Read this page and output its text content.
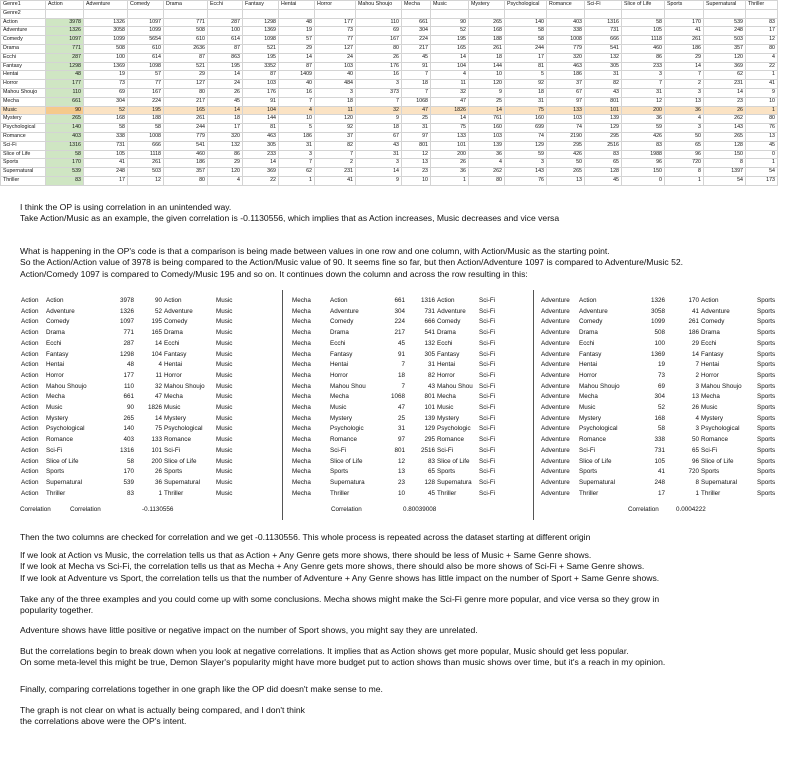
Genre1	Action	Adventure	Comedy	Drama	Ecchi	Fantasy	Hentai	Horror	Mahou Shoujo	Mecha	Music	Mystery	Psychological	Romance	Sci-Fi	Slice of Life	Sports	Supernatural	Thriller
Genre2																			
Action	3978	1326	1097	771	287	1298	48	177	110	661	90	265	140	403	1316	58	170	539	83
Adventure	1326	3058	1099	508	100	1369	19	73	69	304	52	168	58	338	731	105	41	248	17
Comedy	1097	1099	5654	610	614	1098	57	77	167	224	195	188	58	1008	666	1118	261	503	12
Drama	771	508	610	2636	87	521	29	127	80	217	165	261	244	779	541	460	186	357	80
Ecchi	287	100	614	87	863	195	14	24	26	45	14	18	17	320	132	86	29	120	4
Fantasy	1298	1369	1098	521	195	3352	87	103	176	91	104	144	81	463	305	233	14	369	22
Hentai	48	19	57	29	14	87	1409	40	16	7	4	10	5	186	31	3	7	62	1
Horror	177	73	77	127	24	103	40	484	3	18	11	120	92	37	82	7	2	231	41
Mahou Shoujo	110	69	167	80	26	176	16	3	373	7	32	9	18	67	43	31	3	14	9
Mecha	661	304	224	217	45	91	7	18	7	1068	47	25	31	97	801	12	13	23	10
Music	90	52	195	165	14	104	4	11	32	47	1826	14	75	133	101	200	36	26	1
Mystery	265	168	188	261	18	144	10	120	9	25	14	761	160	103	139	36	4	262	80
Psychological	140	58	58	244	17	81	5	92	18	31	75	160	699	74	129	59	3	143	76
Romance	403	338	1008	779	320	463	186	37	67	97	133	103	74	2190	295	426	50	265	13
Sci-Fi	1316	731	666	541	132	305	31	82	43	801	101	139	129	295	2516	83	65	128	45
Slice of Life	58	105	1118	460	86	233	3	7	31	12	200	36	59	426	83	1988	96	150	0
Sports	170	41	261	186	29	14	7	2	3	13	26	4	3	50	65	96	720	8	1
Supernatural	539	248	503	357	120	369	62	231	14	23	36	262	143	265	128	150	8	1397	54
Thriller	83	17	12	80	4	22	1	41	9	10	1	80	76	13	45	0	1	54	173

I think the OP is using correlation in an unintended way.
Take Action/Music as an example, the given correlation is -0.1130556, which implies that as Action increases, Music decreases and vice versa

What is happening in the OP's code is that a comparison is being made between values in one row and one column, with Action/Music as the starting point.
So the Action/Action value of 3978 is being compared to the Action/Music value of 90. It seems fine so far, but then Action/Adventure 1097 is compared to Adventure/Music 52.
Action/Comedy 1097 is compared to Comedy/Music 195 and so on. It continues down the column and across the row resulting in this:

Action	Action	3978	90	Action	Music
Action	Adventure	1326	52	Adventure	Music
Action	Comedy	1097	195	Comedy	Music
Action	Drama	771	165	Drama	Music
Action	Ecchi	287	14	Ecchi	Music
Action	Fantasy	1298	104	Fantasy	Music
Action	Hentai	48	4	Hentai	Music
Action	Horror	177	11	Horror	Music
Action	Mahou Shoujo	110	32	Mahou Shoujo	Music
Action	Mecha	661	47	Mecha	Music
Action	Music	90	1826	Music	Music
Action	Mystery	265	14	Mystery	Music
Action	Psychological	140	75	Psychological	Music
Action	Romance	403	133	Romance	Music
Action	Sci-Fi	1316	101	Sci-Fi	Music
Action	Slice of Life	58	200	Slice of Life	Music
Action	Sports	170	26	Sports	Music
Action	Supernatural	539	36	Supernatural	Music
Action	Thriller	83	1	Thriller	Music
Correlation	Correlation	-0.1130556
Mecha	Action	661	1316	Action	Sci-Fi
Mecha	Adventure	304	731	Adventure	Sci-Fi
Mecha	Comedy	224	666	Comedy	Sci-Fi
Mecha	Drama	217	541	Drama	Sci-Fi
Mecha	Ecchi	45	132	Ecchi	Sci-Fi
Mecha	Fantasy	91	305	Fantasy	Sci-Fi
Mecha	Hentai	7	31	Hentai	Sci-Fi
Mecha	Horror	18	82	Horror	Sci-Fi
Mecha	Mahou Shou	7	43	Mahou Shou	Sci-Fi
Mecha	Mecha	1068	801	Mecha	Sci-Fi
Mecha	Music	47	101	Music	Sci-Fi
Mecha	Mystery	25	139	Mystery	Sci-Fi
Mecha	Psychologic	31	129	Psychologic	Sci-Fi
Mecha	Romance	97	295	Romance	Sci-Fi
Mecha	Sci-Fi	801	2516	Sci-Fi	Sci-Fi
Mecha	Slice of Life	12	83	Slice of Life	Sci-Fi
Mecha	Sports	13	65	Sports	Sci-Fi
Mecha	Supernatura	23	128	Supernatura	Sci-Fi
Mecha	Thriller	10	45	Thriller	Sci-Fi
Correlation	0.80039008
Adventure	Action	1326	170	Action	Sports
Adventure	Adventure	3058	41	Adventure	Sports
Adventure	Comedy	1099	261	Comedy	Sports
Adventure	Drama	508	186	Drama	Sports
Adventure	Ecchi	100	29	Ecchi	Sports
Adventure	Fantasy	1369	14	Fantasy	Sports
Adventure	Hentai	19	7	Hentai	Sports
Adventure	Horror	73	2	Horror	Sports
Adventure	Mahou Shoujo	69	3	Mahou Shoujo	Sports
Adventure	Mecha	304	13	Mecha	Sports
Adventure	Music	52	26	Music	Sports
Adventure	Mystery	168	4	Mystery	Sports
Adventure	Psychological	58	3	Psychological	Sports
Adventure	Romance	338	50	Romance	Sports
Adventure	Sci-Fi	731	65	Sci-Fi	Sports
Adventure	Slice of Life	105	96	Slice of Life	Sports
Adventure	Sports	41	720	Sports	Sports
Adventure	Supernatural	248	8	Supernatural	Sports
Adventure	Thriller	17	1	Thriller	Sports
Correlation	0.0004222

Then the two columns are checked for correlation and we get -0.1130556. This whole process is repeated across the dataset starting at different origin

If we look at Action vs Music, the correlation tells us that as Action + Any Genre gets more shows, there should be less of Music + Same Genre shows.
If we look at Mecha vs Sci-Fi, the correlation tells us that as Mecha + Any Genre gets more shows, there should also be more shows of Sci-Fi + Same Genre shows.
If we look at Adventure vs Sport, the correlation tells us that the number of Adventure + Any Genre shows has little impact on the number of Sport + Same Genre shows.

Take any of the three examples and you could come up with some conclusions. Mecha shows might make the Sci-Fi genre more popular, and vice versa so they grow in
popularity together.

Adventure shows have little positive or negative impact on the number of Sport shows, you might say they are unrelated.

But the correlations begin to break down when you look at negative correlations. It implies that as Action shows get more popular, Music should get less popular.
On some meta-level this might be true, Demon Slayer's popularity might have more budget put to action shows than music shows over time, but it's a reach in my opinion.

Finally, comparing correlations together in one graph like the OP did doesn't make sense to me.

The graph is not clear on what is actually being compared, and I don't think
the correlations above were the OP's intent.
